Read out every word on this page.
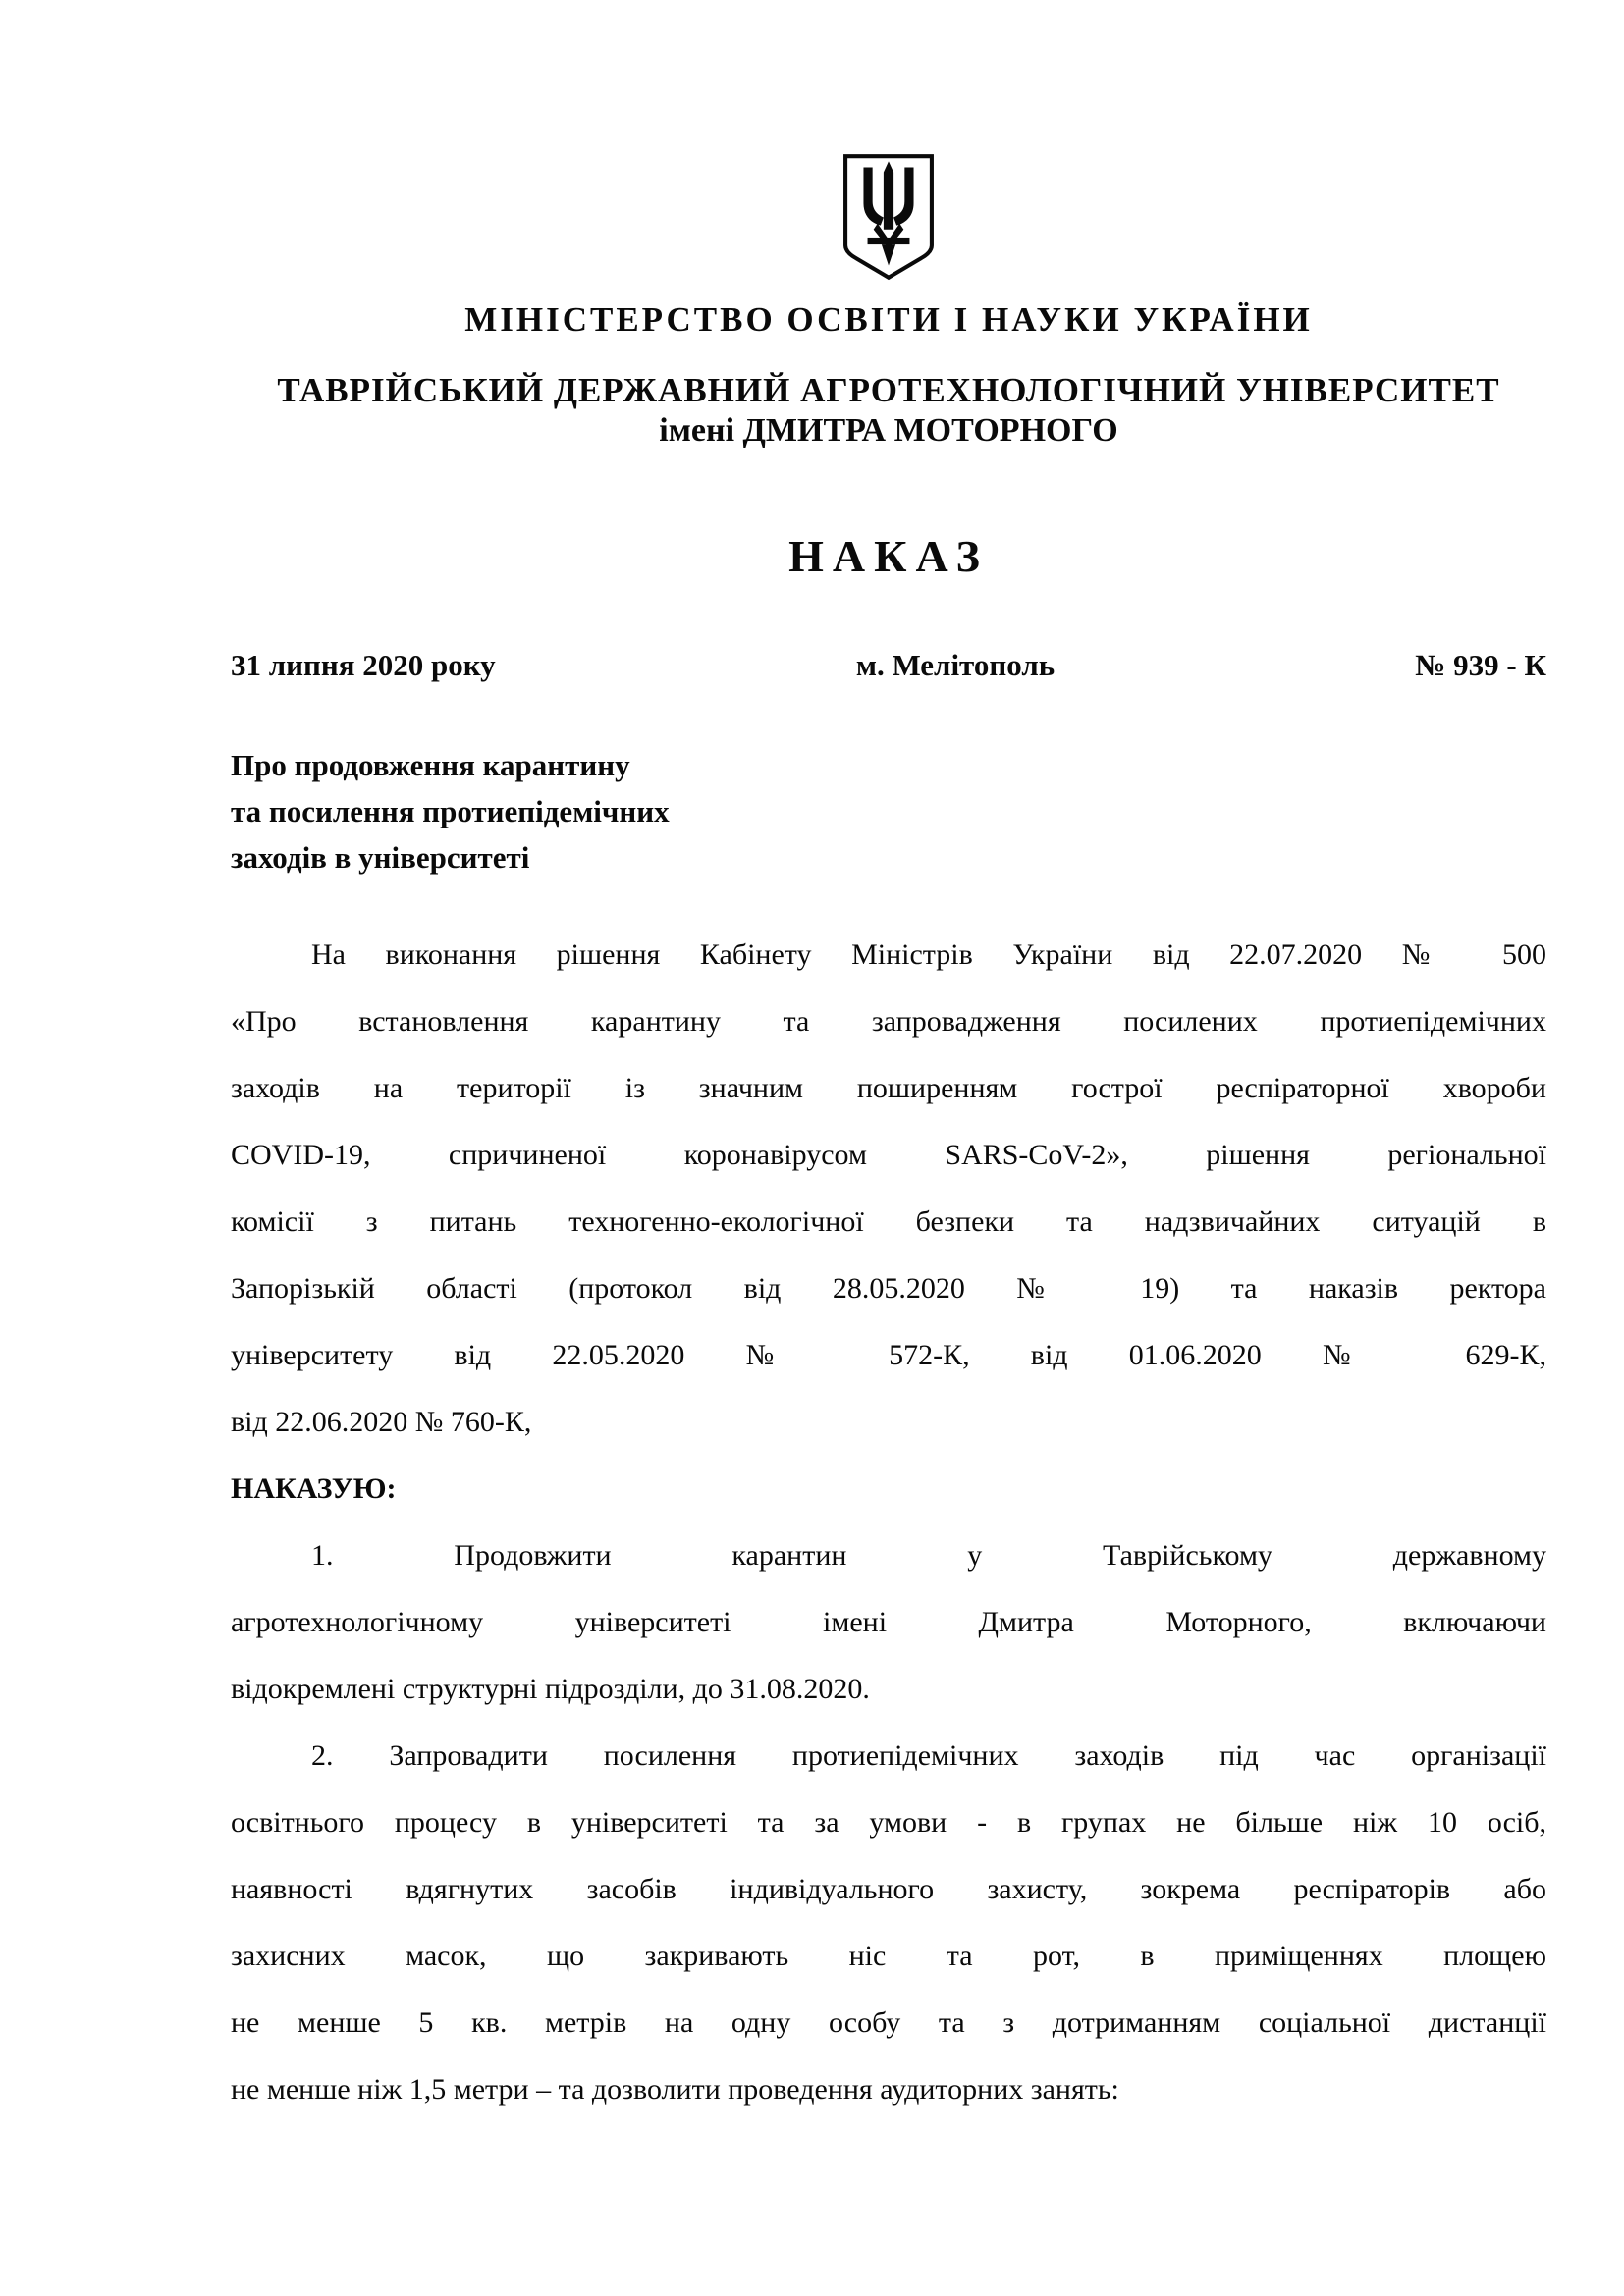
МІНІСТЕРСТВО ОСВІТИ І НАУКИ УКРАЇНИ
ТАВРІЙСЬКИЙ ДЕРЖАВНИЙ АГРОТЕХНОЛОГІЧНИЙ УНІВЕРСИТЕТ
імені ДМИТРА МОТОРНОГО
НАКАЗ
31 липня 2020 року	м. Мелітополь	№ 939 - К
Про продовження карантину
та посилення протиепідемічних
заходів в університеті
На виконання рішення Кабінету Міністрів України від 22.07.2020 № 500
«Про встановлення карантину та запровадження посилених протиепідемічних
заходів на території із значним поширенням гострої респіраторної хвороби
COVID-19, спричиненої коронавірусом SARS-CoV-2», рішення регіональної
комісії з питань техногенно-екологічної безпеки та надзвичайних ситуацій в
Запорізькій області (протокол від 28.05.2020 № 19) та наказів ректора
університету від 22.05.2020 № 572-К, від 01.06.2020 № 629-К,
від 22.06.2020 № 760-К,
НАКАЗУЮ:
1. Продовжити карантин у Таврійському державному
агротехнологічному університеті імені Дмитра Моторного, включаючи
відокремлені структурні підрозділи, до 31.08.2020.
2. Запровадити посилення протиепідемічних заходів під час організації
освітнього процесу в університеті та за умови - в групах не більше ніж 10 осіб,
наявності вдягнутих засобів індивідуального захисту, зокрема респіраторів або
захисних масок, що закривають ніс та рот, в приміщеннях площею
не менше 5 кв. метрів на одну особу та з дотриманням соціальної дистанції
не менше ніж 1,5 метри – та дозволити проведення аудиторних занять:
